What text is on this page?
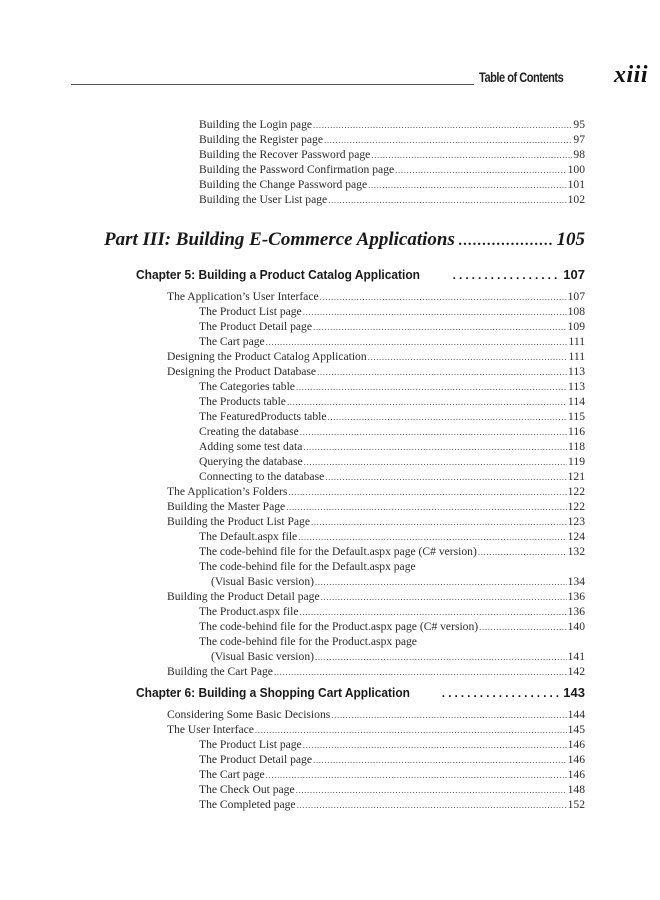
Table of Contents xiii
Building the Login page .....	95
Building the Register page .....	97
Building the Recover Password page .....	98
Building the Password Confirmation page .....	100
Building the Change Password page .....	101
Building the User List page .....	102
Part III: Building E-Commerce Applications .....	105
Chapter 5: Building a Product Catalog Application .....	107
The Application’s User Interface .....	107
The Product List page .....	108
The Product Detail page .....	109
The Cart page .....	111
Designing the Product Catalog Application .....	111
Designing the Product Database .....	113
The Categories table .....	113
The Products table .....	114
The FeaturedProducts table .....	115
Creating the database .....	116
Adding some test data .....	118
Querying the database .....	119
Connecting to the database .....	121
The Application’s Folders .....	122
Building the Master Page .....	122
Building the Product List Page .....	123
The Default.aspx file .....	124
The code-behind file for the Default.aspx page (C# version) .....	132
The code-behind file for the Default.aspx page
(Visual Basic version) .....	134
Building the Product Detail page .....	136
The Product.aspx file .....	136
The code-behind file for the Product.aspx page (C# version) .....	140
The code-behind file for the Product.aspx page
(Visual Basic version) .....	141
Building the Cart Page .....	142
Chapter 6: Building a Shopping Cart Application .....	143
Considering Some Basic Decisions .....	144
The User Interface .....	145
The Product List page .....	146
The Product Detail page .....	146
The Cart page .....	146
The Check Out page .....	148
The Completed page .....	152
